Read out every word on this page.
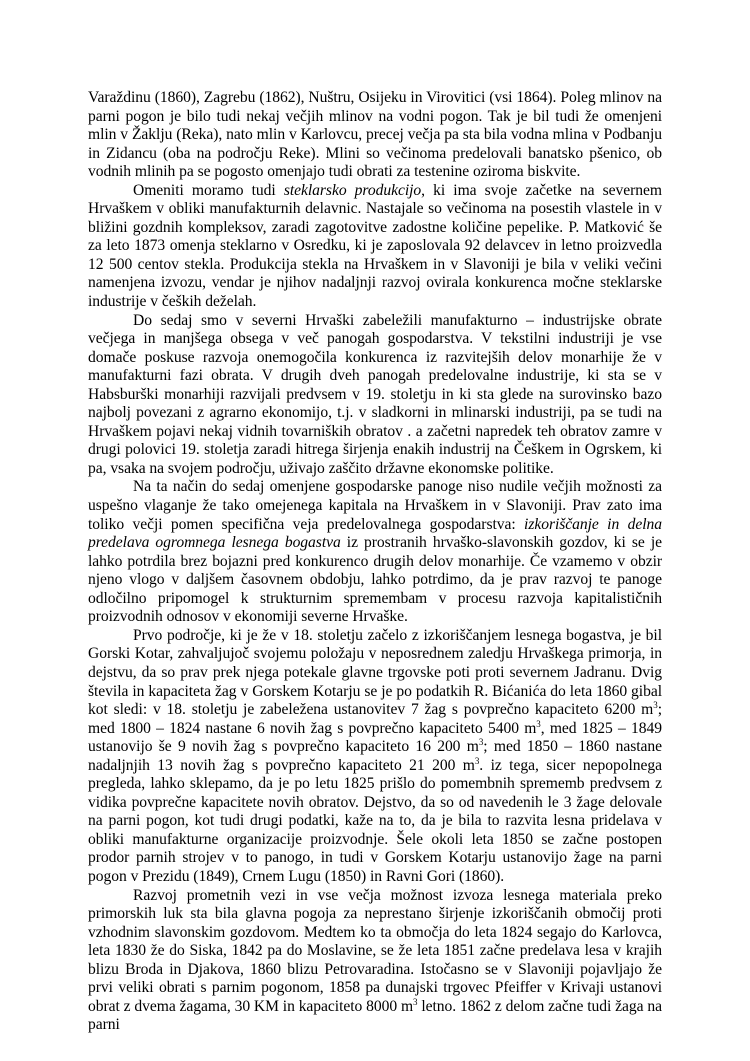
Varaždinu (1860), Zagrebu (1862), Nuštru, Osijeku in Virovitici (vsi 1864). Poleg mlinov na parni pogon je bilo tudi nekaj večjih mlinov na vodni pogon. Tak je bil tudi že omenjeni mlin v Žaklju (Reka), nato mlin v Karlovcu, precej večja pa sta bila vodna mlina v Podbanju in Zidancu (oba na področju Reke). Mlini so večinoma predelovali banatsko pšenico, ob vodnih mlinih pa se pogosto omenjajo tudi obrati za testenine oziroma biskvite.

Omeniti moramo tudi steklarsko produkcijo, ki ima svoje začetke na severnem Hrvaškem v obliki manufakturnih delavnic. Nastajale so večinoma na posestih vlastele in v bližini gozdnih kompleksov, zaradi zagotovitve zadostne količine pepelike. P. Matković še za leto 1873 omenja steklarno v Osredku, ki je zaposlovala 92 delavcev in letno proizvedla 12 500 centov stekla. Produkcija stekla na Hrvaškem in v Slavoniji je bila v veliki večini namenjena izvozu, vendar je njihov nadaljnji razvoj ovirala konkurenca močne steklarske industrije v čeških deželah.

Do sedaj smo v severni Hrvaški zabeležili manufakturno – industrijske obrate večjega in manjšega obsega v več panogah gospodarstva. V tekstilni industriji je vse domače poskuse razvoja onemogočila konkurenca iz razvitejših delov monarhije že v manufakturni fazi obrata. V drugih dveh panogah predelovalne industrije, ki sta se v Habsburški monarhiji razvijali predvsem v 19. stoletju in ki sta glede na surovinsko bazo najbolj povezani z agrarno ekonomijo, t.j. v sladkorni in mlinarski industriji, pa se tudi na Hrvaškem pojavi nekaj vidnih tovarniških obratov . a začetni napredek teh obratov zamre v drugi polovici 19. stoletja zaradi hitrega širjenja enakih industrij na Češkem in Ogrskem, ki pa, vsaka na svojem področju, uživajo zaščito državne ekonomske politike.

Na ta način do sedaj omenjene gospodarske panoge niso nudile večjih možnosti za uspešno vlaganje že tako omejenega kapitala na Hrvaškem in v Slavoniji. Prav zato ima toliko večji pomen specifična veja predelovalnega gospodarstva: izkoriščanje in delna predelava ogromnega lesnega bogastva iz prostranih hrvaško-slavonskih gozdov, ki se je lahko potrdila brez bojazni pred konkurenco drugih delov monarhije. Če vzamemo v obzir njeno vlogo v daljšem časovnem obdobju, lahko potrdimo, da je prav razvoj te panoge odločilno pripomogel k strukturnim spremembam v procesu razvoja kapitalističnih proizvodnih odnosov v ekonomiji severne Hrvaške.

Prvo področje, ki je že v 18. stoletju začelo z izkoriščanjem lesnega bogastva, je bil Gorski Kotar, zahvaljujoč svojemu položaju v neposrednem zaledju Hrvaškega primorja, in dejstvu, da so prav prek njega potekale glavne trgovske poti proti severnem Jadranu. Dvig števila in kapaciteta žag v Gorskem Kotarju se je po podatkih R. Bićanića do leta 1860 gibal kot sledi: v 18. stoletju je zabeležena ustanovitev 7 žag s povprečno kapaciteto 6200 $m^3$; med 1800 – 1824 nastane 6 novih žag s povprečno kapaciteto 5400 $m^3$, med 1825 – 1849 ustanovijo še 9 novih žag s povprečno kapaciteto 16 200 $m^3$; med 1850 – 1860 nastane nadaljnjih 13 novih žag s povprečno kapaciteto 21 200 $m^3$. iz tega, sicer nepopolnega pregleda, lahko sklepamo, da je po letu 1825 prišlo do pomembnih sprememb predvsem z vidika povprečne kapacitete novih obratov. Dejstvo, da so od navedenih le 3 žage delovale na parni pogon, kot tudi drugi podatki, kaže na to, da je bila to razvita lesna pridelava v obliki manufakturne organizacije proizvodnje. Šele okoli leta 1850 se začne postopen prodor parnih strojev v to panogo, in tudi v Gorskem Kotarju ustanovijo žage na parni pogon v Prezidu (1849), Crnem Lugu (1850) in Ravni Gori (1860).

Razvoj prometnih vezi in vse večja možnost izvoza lesnega materiala preko primorskih luk sta bila glavna pogoja za neprestano širjenje izkoriščanih območij proti vzhodnim slavonskim gozdovom. Medtem ko ta območja do leta 1824 segajo do Karlovca, leta 1830 že do Siska, 1842 pa do Moslavine, se že leta 1851 začne predelava lesa v krajih blizu Broda in Djakova, 1860 blizu Petrovaradina. Istočasno se v Slavoniji pojavljajo že prvi veliki obrati s parnim pogonom, 1858 pa dunajski trgovec Pfeiffer v Krivaji ustanovi obrat z dvema žagama, 30 KM in kapaciteto 8000 $m^3$ letno. 1862 z delom začne tudi žaga na parni
